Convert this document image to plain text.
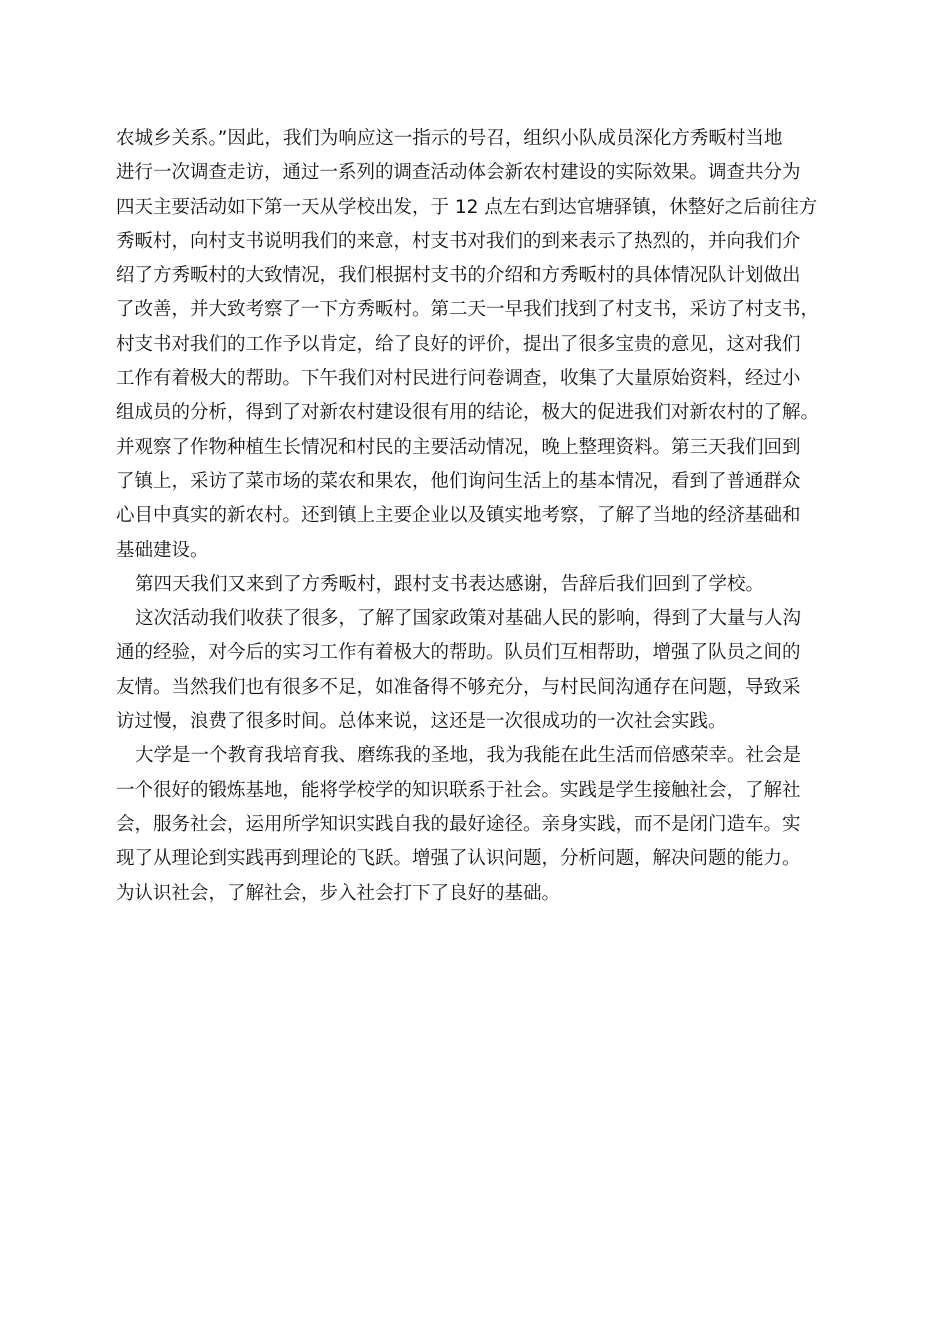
农城乡关系。”因此，我们为响应这一指示的号召，组织小队成员深化方秀畈村当地
进行一次调查走访，通过一系列的调查活动体会新农村建设的实际效果。调查共分为
四天主要活动如下第一天从学校出发，于 12 点左右到达官塘驿镇，休整好之后前往方
秀畈村，向村支书说明我们的来意，村支书对我们的到来表示了热烈的，并向我们介
绍了方秀畈村的大致情况，我们根据村支书的介绍和方秀畈村的具体情况队计划做出
了改善，并大致考察了一下方秀畈村。第二天一早我们找到了村支书，采访了村支书，
村支书对我们的工作予以肯定，给了良好的评价，提出了很多宝贵的意见，这对我们
工作有着极大的帮助。下午我们对村民进行问卷调查，收集了大量原始资料，经过小
组成员的分析，得到了对新农村建设很有用的结论，极大的促进我们对新农村的了解。
并观察了作物种植生长情况和村民的主要活动情况，晚上整理资料。第三天我们回到
了镇上，采访了菜市场的菜农和果农，他们询问生活上的基本情况，看到了普通群众
心目中真实的新农村。还到镇上主要企业以及镇实地考察，了解了当地的经济基础和
基础建设。
第四天我们又来到了方秀畈村，跟村支书表达感谢，告辞后我们回到了学校。
这次活动我们收获了很多，了解了国家政策对基础人民的影响，得到了大量与人沟
通的经验，对今后的实习工作有着极大的帮助。队员们互相帮助，增强了队员之间的
友情。当然我们也有很多不足，如准备得不够充分，与村民间沟通存在问题，导致采
访过慢，浪费了很多时间。总体来说，这还是一次很成功的一次社会实践。
大学是一个教育我培育我、磨练我的圣地，我为我能在此生活而倍感荣幸。社会是
一个很好的锻炼基地，能将学校学的知识联系于社会。实践是学生接触社会，了解社
会，服务社会，运用所学知识实践自我的最好途径。亲身实践，而不是闭门造车。实
现了从理论到实践再到理论的飞跃。增强了认识问题，分析问题，解决问题的能力。
为认识社会，了解社会，步入社会打下了良好的基础。
